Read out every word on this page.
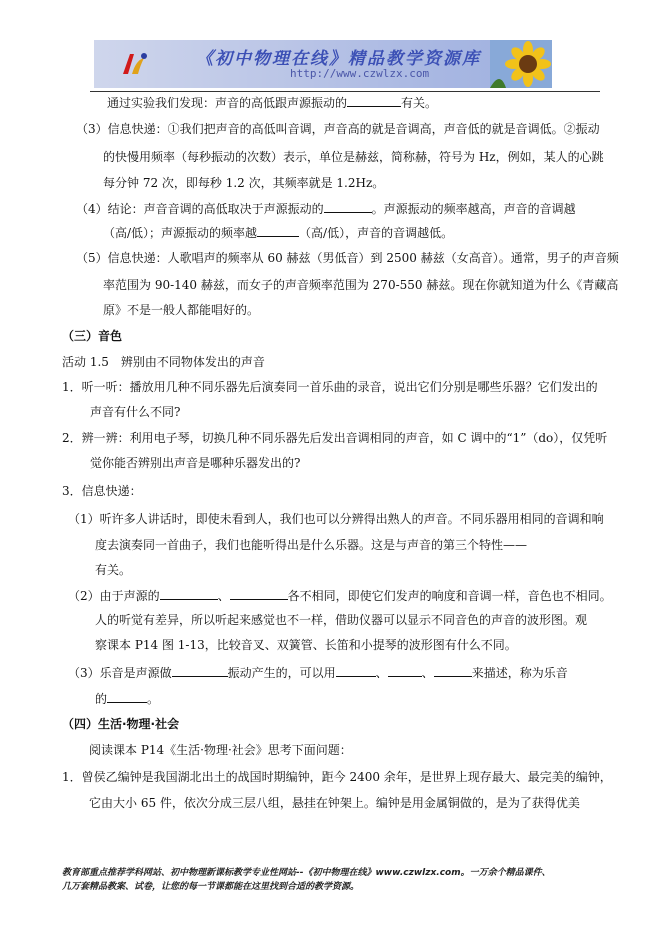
《初中物理在线》精品教学资源库
http://www.czwlzx.com
通过实验我们发现：声音的高低跟声源振动的	有关。
（3）信息快递：①我们把声音的高低叫音调，声音高的就是音调高，声音低的就是音调低。②振动
的快慢用频率（每秒振动的次数）表示，单位是赫兹，简称赫，符号为 Hz，例如，某人的心跳
每分钟 72 次，即每秒 1.2 次，其频率就是 1.2Hz。
（4）结论：声音音调的高低取决于声源振动的	。声源振动的频率越高，声音的音调越
（高/低）；声源振动的频率越	（高/低），声音的音调越低。
（5）信息快递：人歌唱声的频率从 60 赫兹（男低音）到 2500 赫兹（女高音）。通常，男子的声音频
率范围为 90-140 赫兹，而女子的声音频率范围为 270-550 赫兹。现在你就知道为什么《青藏高
原》不是一般人都能唱好的。
（三）音色
活动 1.5　辨别由不同物体发出的声音
1．听一听：播放用几种不同乐器先后演奏同一首乐曲的录音，说出它们分别是哪些乐器？它们发出的
声音有什么不同?
2．辨一辨：利用电子琴，切换几种不同乐器先后发出音调相同的声音，如 C 调中的“1”（do），仅凭听
觉你能否辨别出声音是哪种乐器发出的?
3．信息快递：
（1）听许多人讲话时，即使未看到人，我们也可以分辨得出熟人的声音。不同乐器用相同的音调和响
度去演奏同一首曲子，我们也能听得出是什么乐器。这是与声音的第三个特性——
有关。
（2）由于声源的	、	各不相同，即使它们发声的响度和音调一样，音色也不相同。
人的听觉有差异，所以听起来感觉也不一样，借助仪器可以显示不同音色的声音的波形图。观
察课本 P14 图 1-13，比较音叉、双簧管、长笛和小提琴的波形图有什么不同。
（3）乐音是声源做	振动产生的，可以用	、	、	来描述，称为乐音
的	。
（四）生活·物理·社会
阅读课本 P14《生活·物理·社会》思考下面问题：
1．曾侯乙编钟是我国湖北出土的战国时期编钟，距今 2400 余年，是世界上现存最大、最完美的编钟，
它由大小 65 件，依次分成三层八组，悬挂在钟架上。编钟是用金属铜做的，是为了获得优美
教育部重点推荐学科网站、初中物理新课标教学专业性网站--《初中物理在线》www.czwlzx.com。一万余个精品课件、
几万套精品教案、试卷，让您的每一节课都能在这里找到合适的教学资源。
